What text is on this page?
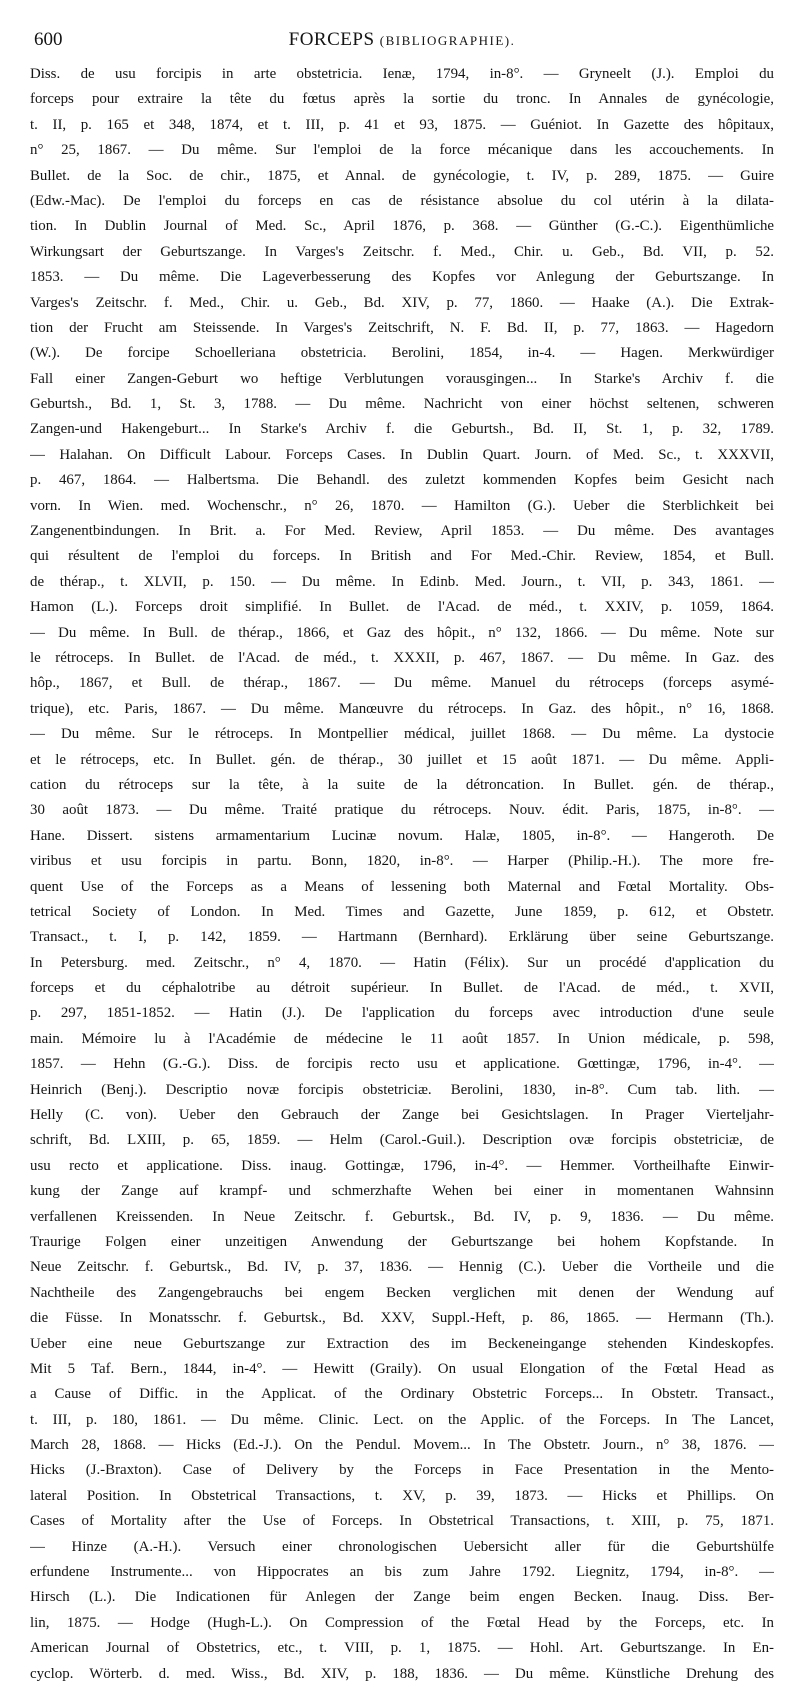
600	FORCEPS (BIBLIOGRAPHIE).
Diss. de usu forcipis in arte obstetricia. Ienæ, 1794, in-8°. — Gryneelt (J.). Emploi du
forceps pour extraire la tête du fœtus après la sortie du tronc. In Annales de gynécologie,
t. II, p. 165 et 348, 1874, et t. III, p. 41 et 93, 1875. — Guéniot. In Gazette des hôpitaux,
n° 25, 1867. — Du même. Sur l'emploi de la force mécanique dans les accouchements. In
Bullet. de la Soc. de chir., 1875, et Annal. de gynécologie, t. IV, p. 289, 1875. — Guire
(Edw.-Mac). De l'emploi du forceps en cas de résistance absolue du col utérin à la dilata-
tion. In Dublin Journal of Med. Sc., April 1876, p. 368. — Günther (G.-C.). Eigenthümliche
Wirkungsart der Geburtszange. In Varges's Zeitschr. f. Med., Chir. u. Geb., Bd. VII, p. 52.
1853. — Du même. Die Lageverbesserung des Kopfes vor Anlegung der Geburtszange. In
Varges's Zeitschr. f. Med., Chir. u. Geb., Bd. XIV, p. 77, 1860. — Haake (A.). Die Extrak-
tion der Frucht am Steissende. In Varges's Zeitschrift, N. F. Bd. II, p. 77, 1863. — Hagedorn
(W.). De forcipe Schoelleriana obstetricia. Berolini, 1854, in-4. — Hagen. Merkwürdiger
Fall einer Zangen-Geburt wo heftige Verblutungen vorausgingen... In Starke's Archiv f. die
Geburtsh., Bd. 1, St. 3, 1788. — Du même. Nachricht von einer höchst seltenen, schweren
Zangen-und Hakengeburt... In Starke's Archiv f. die Geburtsh., Bd. II, St. 1, p. 32, 1789.
— Halahan. On Difficult Labour. Forceps Cases. In Dublin Quart. Journ. of Med. Sc., t. XXXVII,
p. 467, 1864. — Halbertsma. Die Behandl. des zuletzt kommenden Kopfes beim Gesicht nach
vorn. In Wien. med. Wochenschr., n° 26, 1870. — Hamilton (G.). Ueber die Sterblichkeit bei
Zangenentbindungen. In Brit. a. For Med. Review, April 1853. — Du même. Des avantages
qui résultent de l'emploi du forceps. In British and For Med.-Chir. Review, 1854, et Bull.
de thérap., t. XLVII, p. 150. — Du même. In Edinb. Med. Journ., t. VII, p. 343, 1861. —
Hamon (L.). Forceps droit simplifié. In Bullet. de l'Acad. de méd., t. XXIV, p. 1059, 1864.
— Du même. In Bull. de thérap., 1866, et Gaz des hôpit., n° 132, 1866. — Du même. Note sur
le rétroceps. In Bullet. de l'Acad. de méd., t. XXXII, p. 467, 1867. — Du même. In Gaz. des
hôp., 1867, et Bull. de thérap., 1867. — Du même. Manuel du rétroceps (forceps asymé-
trique), etc. Paris, 1867. — Du même. Manœuvre du rétroceps. In Gaz. des hôpit., n° 16, 1868.
— Du même. Sur le rétroceps. In Montpellier médical, juillet 1868. — Du même. La dystocie
et le rétroceps, etc. In Bullet. gén. de thérap., 30 juillet et 15 août 1871. — Du même. Appli-
cation du rétroceps sur la tête, à la suite de la détroncation. In Bullet. gén. de thérap.,
30 août 1873. — Du même. Traité pratique du rétroceps. Nouv. édit. Paris, 1875, in-8°. —
Hane. Dissert. sistens armamentarium Lucinæ novum. Halæ, 1805, in-8°. — Hangeroth. De
viribus et usu forcipis in partu. Bonn, 1820, in-8°. — Harper (Philip.-H.). The more fre-
quent Use of the Forceps as a Means of lessening both Maternal and Fœtal Mortality. Obs-
tetrical Society of London. In Med. Times and Gazette, June 1859, p. 612, et Obstetr.
Transact., t. I, p. 142, 1859. — Hartmann (Bernhard). Erklärung über seine Geburtszange.
In Petersburg. med. Zeitschr., n° 4, 1870. — Hatin (Félix). Sur un procédé d'application du
forceps et du céphalotribe au détroit supérieur. In Bullet. de l'Acad. de méd., t. XVII,
p. 297, 1851-1852. — Hatin (J.). De l'application du forceps avec introduction d'une seule
main. Mémoire lu à l'Académie de médecine le 11 août 1857. In Union médicale, p. 598,
1857. — Hehn (G.-G.). Diss. de forcipis recto usu et applicatione. Gœttingæ, 1796, in-4°. —
Heinrich (Benj.). Descriptio novæ forcipis obstetriciæ. Berolini, 1830, in-8°. Cum tab. lith. —
Helly (C. von). Ueber den Gebrauch der Zange bei Gesichtslagen. In Prager Vierteljahr-
schrift, Bd. LXIII, p. 65, 1859. — Helm (Carol.-Guil.). Description ovæ forcipis obstetriciæ, de
usu recto et applicatione. Diss. inaug. Gottingæ, 1796, in-4°. — Hemmer. Vortheilhafte Einwir-
kung der Zange auf krampf- und schmerzhafte Wehen bei einer in momentanen Wahnsinn
verfallenen Kreissenden. In Neue Zeitschr. f. Geburtsk., Bd. IV, p. 9, 1836. — Du même.
Traurige Folgen einer unzeitigen Anwendung der Geburtszange bei hohem Kopfstande. In
Neue Zeitschr. f. Geburtsk., Bd. IV, p. 37, 1836. — Hennig (C.). Ueber die Vortheile und die
Nachtheile des Zangengebrauchs bei engem Becken verglichen mit denen der Wendung auf
die Füsse. In Monatsschr. f. Geburtsk., Bd. XXV, Suppl.-Heft, p. 86, 1865. — Hermann (Th.).
Ueber eine neue Geburtszange zur Extraction des im Beckeneingange stehenden Kindeskopfes.
Mit 5 Taf. Bern., 1844, in-4°. — Hewitt (Graily). On usual Elongation of the Fœtal Head as
a Cause of Diffic. in the Applicat. of the Ordinary Obstetric Forceps... In Obstetr. Transact.,
t. III, p. 180, 1861. — Du même. Clinic. Lect. on the Applic. of the Forceps. In The Lancet,
March 28, 1868. — Hicks (Ed.-J.). On the Pendul. Movem... In The Obstetr. Journ., n° 38, 1876. —
Hicks (J.-Braxton). Case of Delivery by the Forceps in Face Presentation in the Mento-
lateral Position. In Obstetrical Transactions, t. XV, p. 39, 1873. — Hicks et Phillips. On
Cases of Mortality after the Use of Forceps. In Obstetrical Transactions, t. XIII, p. 75, 1871.
— Hinze (A.-H.). Versuch einer chronologischen Uebersicht aller für die Geburtshülfe
erfundene Instrumente... von Hippocrates an bis zum Jahre 1792. Liegnitz, 1794, in-8°. —
Hirsch (L.). Die Indicationen für Anlegen der Zange beim engen Becken. Inaug. Diss. Ber-
lin, 1875. — Hodge (Hugh-L.). On Compression of the Fœtal Head by the Forceps, etc. In
American Journal of Obstetrics, etc., t. VIII, p. 1, 1875. — Hohl. Art. Geburtszange. In En-
cyclop. Wörterb. d. med. Wiss., Bd. XIV, p. 188, 1836. — Du même. Künstliche Drehung des
